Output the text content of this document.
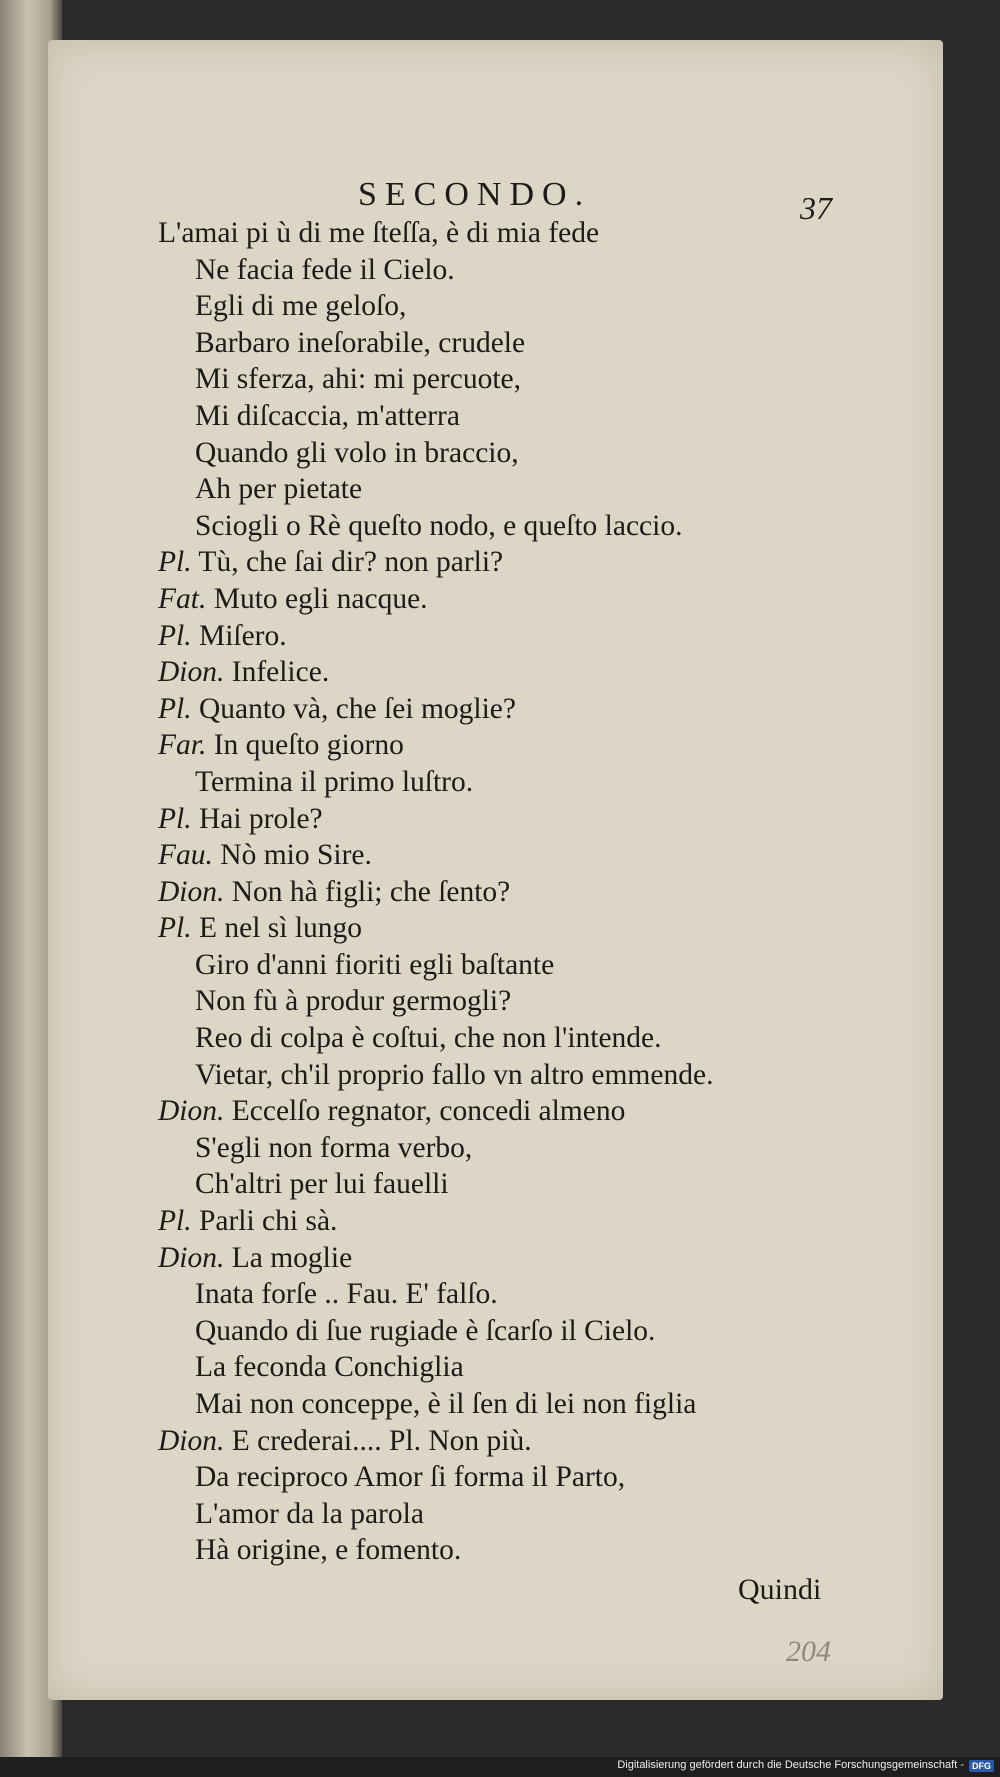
SECONDO.	37
L'amai pi ù di me ſteſſa, è di mia fede
Ne facia fede il Cielo.
Egli di me geloſo,
Barbaro ineſorabile, crudele
Mi sferza, ahi: mi percuote,
Mi diſcaccia, m'atterra
Quando gli volo in braccio,
Ah per pietate
Sciogli o Rè queſto nodo, e queſto laccio.
Pl. Tù, che ſai dir? non parli?
Fat. Muto egli nacque.
Pl. Miſero.
Dion. Infelice.
Pl. Quanto và, che ſei moglie?
Far. In queſto giorno
Termina il primo luſtro.
Pl. Hai prole?
Fau. Nò mio Sire.
Dion. Non hà figli; che ſento?
Pl. E nel sì lungo
Giro d'anni fioriti egli baſtante
Non fù à produr germogli?
Reo di colpa è coſtui, che non l'intende.
Vietar, ch'il proprio fallo vn altro emmende.
Dion. Eccelſo regnator, concedi almeno
S'egli non forma verbo,
Ch'altri per lui fauelli
Pl. Parli chi sà.
Dion. La moglie
Inata forſe .. Fau. E' falſo.
Quando di ſue rugiade è ſcarſo il Cielo.
La feconda Conchiglia
Mai non conceppe, è il ſen di lei non figlia
Dion. E crederai.... Pl. Non più.
Da reciproco Amor ſi forma il Parto,
L'amor da la parola
Hà origine, e fomento.
Quindi
204
Digitalisierung gefördert durch die Deutsche Forschungsgemeinschaft - DFG
